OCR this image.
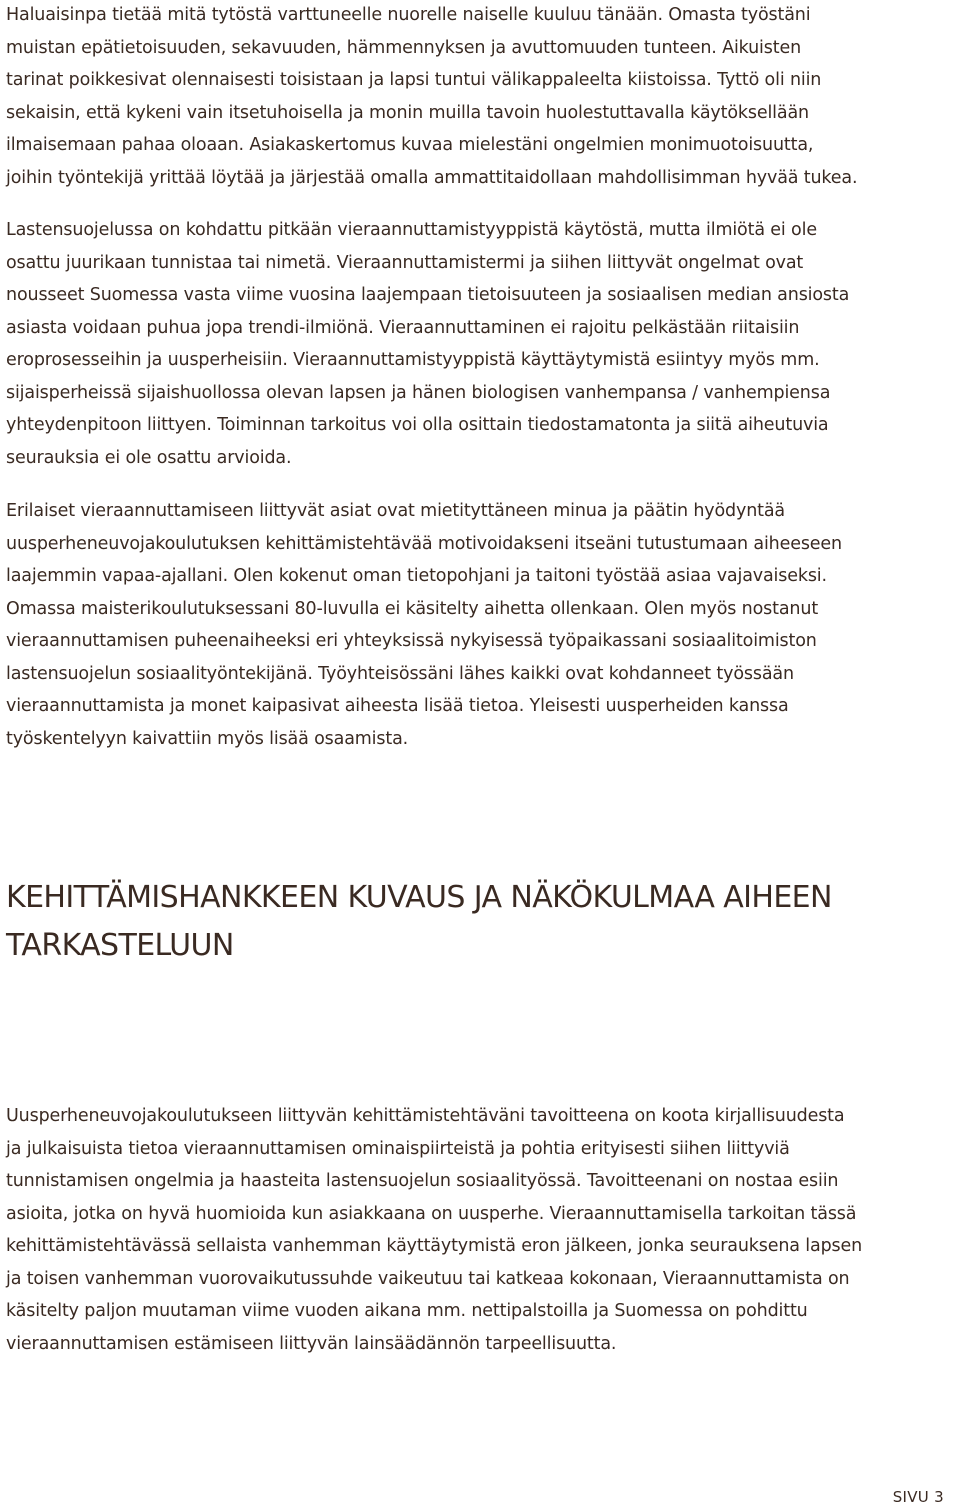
Haluaisinpa tietää mitä tytöstä varttuneelle nuorelle naiselle kuuluu tänään. Omasta työstäni
muistan epätietoisuuden, sekavuuden, hämmennyksen ja avuttomuuden tunteen. Aikuisten
tarinat poikkesivat olennaisesti toisistaan ja lapsi tuntui välikappaleelta kiistoissa. Tyttö oli niin
sekaisin, että kykeni vain itsetuhoisella ja monin muilla tavoin huolestuttavalla käytöksellään
ilmaisemaan pahaa oloaan. Asiakaskertomus kuvaa mielestäni ongelmien monimuotoisuutta,
joihin työntekijä yrittää löytää ja järjestää omalla ammattitaidollaan mahdollisimman hyvää tukea.

Lastensuojelussa on kohdattu pitkään vieraannuttamistyyppistä käytöstä, mutta ilmiötä ei ole
osattu juurikaan tunnistaa tai nimetä. Vieraannuttamistermi ja siihen liittyvät ongelmat ovat
nousseet Suomessa vasta viime vuosina laajempaan tietoisuuteen ja sosiaalisen median ansiosta
asiasta voidaan puhua jopa trendi-ilmiönä. Vieraannuttaminen ei rajoitu pelkästään riitaisiin
eroprosesseihin ja uusperheisiin. Vieraannuttamistyyppistä käyttäytymistä esiintyy myös mm.
sijaisperheissä sijaishuollossa olevan lapsen ja hänen biologisen vanhempansa / vanhempiensa
yhteydenpitoon liittyen. Toiminnan tarkoitus voi olla osittain tiedostamatonta ja siitä aiheutuvia
seurauksia ei ole osattu arvioida.

Erilaiset vieraannuttamiseen liittyvät asiat ovat mietityttäneen minua ja päätin hyödyntää
uusperheneuvojakoulutuksen kehittämistehtävää motivoidakseni itseäni tutustumaan aiheeseen
laajemmin vapaa-ajallani. Olen kokenut oman tietopohjani ja taitoni työstää asiaa vajavaiseksi.
Omassa maisterikoulutuksessani 80-luvulla ei käsitelty aihetta ollenkaan. Olen myös nostanut
vieraannuttamisen puheenaiheeksi eri yhteyksissä nykyisessä työpaikassani sosiaalitoimiston
lastensuojelun sosiaalityöntekijänä. Työyhteisössäni lähes kaikki ovat kohdanneet työssään
vieraannuttamista ja monet kaipasivat aiheesta lisää tietoa. Yleisesti uusperheiden kanssa
työskentelyyn kaivattiin myös lisää osaamista.

KEHITTÄMISHANKKEEN KUVAUS JA NÄKÖKULMAA AIHEEN
TARKASTELUUN

Uusperheneuvojakoulutukseen liittyvän kehittämistehtäväni tavoitteena on koota kirjallisuudesta
ja julkaisuista tietoa vieraannuttamisen ominaispiirteistä ja pohtia erityisesti siihen liittyviä
tunnistamisen ongelmia ja haasteita lastensuojelun sosiaalityössä. Tavoitteenani on nostaa esiin
asioita, jotka on hyvä huomioida kun asiakkaana on uusperhe. Vieraannuttamisella tarkoitan tässä
kehittämistehtävässä sellaista vanhemman käyttäytymistä eron jälkeen, jonka seurauksena lapsen
ja toisen vanhemman vuorovaikutussuhde vaikeutuu tai katkeaa kokonaan, Vieraannuttamista on
käsitelty paljon muutaman viime vuoden aikana mm. nettipalstoilla ja Suomessa on pohdittu
vieraannuttamisen estämiseen liittyvän lainsäädännön tarpeellisuutta.

SIVU 3
